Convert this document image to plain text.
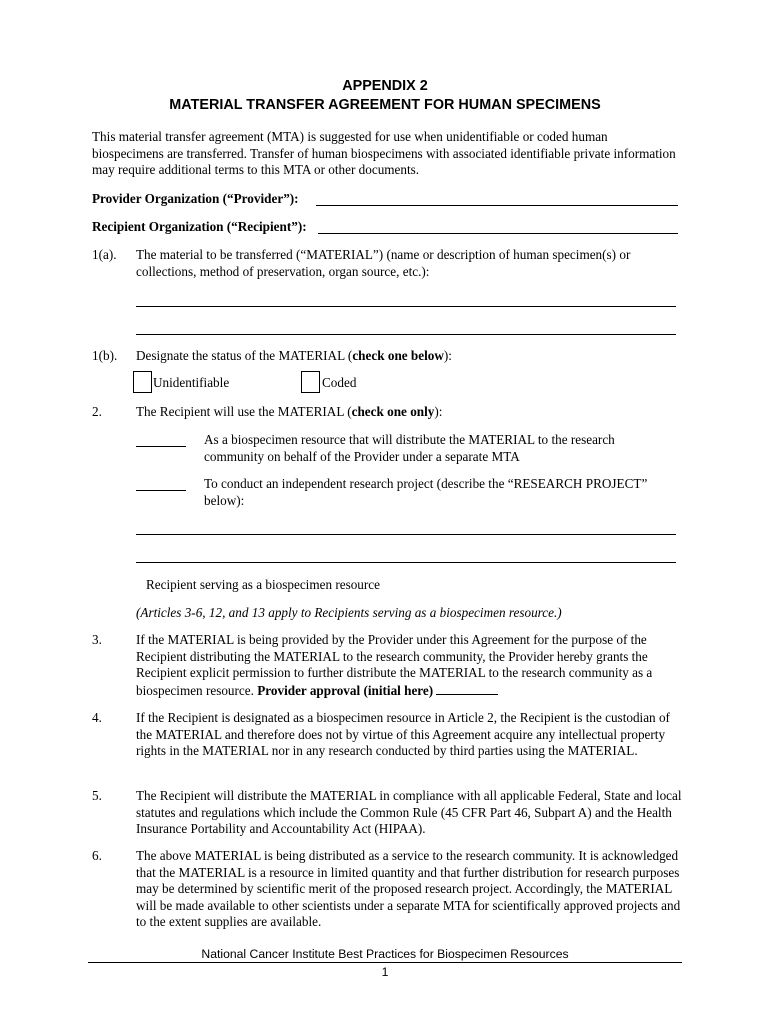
APPENDIX 2
MATERIAL TRANSFER AGREEMENT FOR HUMAN SPECIMENS
This material transfer agreement (MTA) is suggested for use when unidentifiable or coded human biospecimens are transferred. Transfer of human biospecimens with associated identifiable private information may require additional terms to this MTA or other documents.
Provider Organization (“Provider”):
Recipient Organization (“Recipient”):
1(a). The material to be transferred (“MATERIAL”) (name or description of human specimen(s) or collections, method of preservation, organ source, etc.):
1(b). Designate the status of the MATERIAL (check one below):
Unidentifiable	Coded
2.	The Recipient will use the MATERIAL (check one only):
As a biospecimen resource that will distribute the MATERIAL to the research community on behalf of the Provider under a separate MTA
To conduct an independent research project (describe the “RESEARCH PROJECT” below):
Recipient serving as a biospecimen resource
(Articles 3-6, 12, and 13 apply to Recipients serving as a biospecimen resource.)
3.	If the MATERIAL is being provided by the Provider under this Agreement for the purpose of the Recipient distributing the MATERIAL to the research community, the Provider hereby grants the Recipient explicit permission to further distribute the MATERIAL to the research community as a biospecimen resource. Provider approval (initial here)
4.	If the Recipient is designated as a biospecimen resource in Article 2, the Recipient is the custodian of the MATERIAL and therefore does not by virtue of this Agreement acquire any intellectual property rights in the MATERIAL nor in any research conducted by third parties using the MATERIAL.
5.	The Recipient will distribute the MATERIAL in compliance with all applicable Federal, State and local statutes and regulations which include the Common Rule (45 CFR Part 46, Subpart A) and the Health Insurance Portability and Accountability Act (HIPAA).
6.	The above MATERIAL is being distributed as a service to the research community. It is acknowledged that the MATERIAL is a resource in limited quantity and that further distribution for research purposes may be determined by scientific merit of the proposed research project. Accordingly, the MATERIAL will be made available to other scientists under a separate MTA for scientifically approved projects and to the extent supplies are available.
National Cancer Institute Best Practices for Biospecimen Resources
1
